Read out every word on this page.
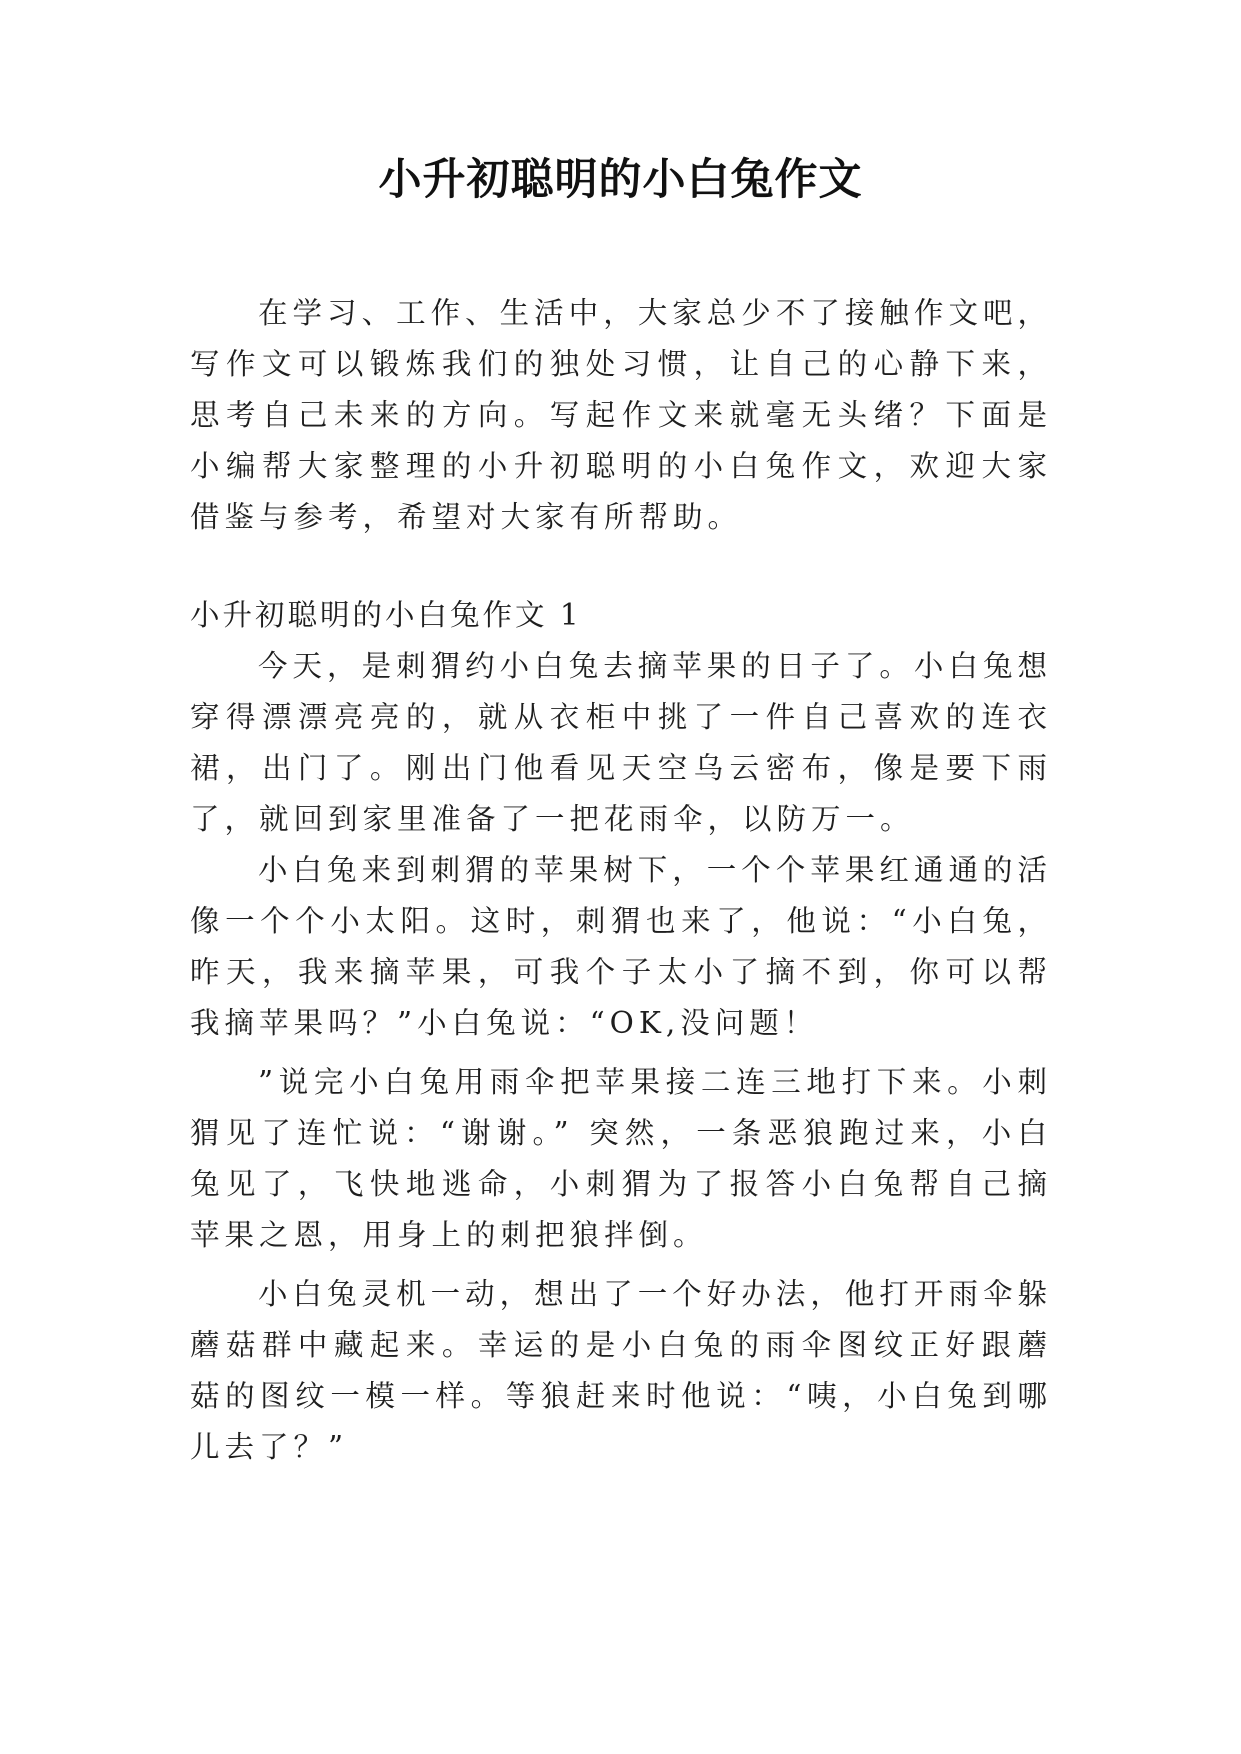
小升初聪明的小白兔作文

在学习、工作、生活中，大家总少不了接触作文吧，写作文可以锻炼我们的独处习惯，让自己的心静下来，思考自己未来的方向。写起作文来就毫无头绪？下面是小编帮大家整理的小升初聪明的小白兔作文，欢迎大家借鉴与参考，希望对大家有所帮助。

小升初聪明的小白兔作文 1

今天，是刺猬约小白兔去摘苹果的日子了。小白兔想穿得漂漂亮亮的，就从衣柜中挑了一件自己喜欢的连衣裙，出门了。刚出门他看见天空乌云密布，像是要下雨了，就回到家里准备了一把花雨伞，以防万一。

小白兔来到刺猬的苹果树下，一个个苹果红通通的活像一个个小太阳。这时，刺猬也来了，他说：“小白兔，昨天，我来摘苹果，可我个子太小了摘不到，你可以帮我摘苹果吗？”小白兔说：“OK,没问题！

”说完小白兔用雨伞把苹果接二连三地打下来。小刺猬见了连忙说：“谢谢。” 突然，一条恶狼跑过来，小白兔见了，飞快地逃命，小刺猬为了报答小白兔帮自己摘苹果之恩，用身上的刺把狼拌倒。

小白兔灵机一动，想出了一个好办法，他打开雨伞躲蘑菇群中藏起来。幸运的是小白兔的雨伞图纹正好跟蘑菇的图纹一模一样。等狼赶来时他说：“咦，小白兔到哪儿去了？”
